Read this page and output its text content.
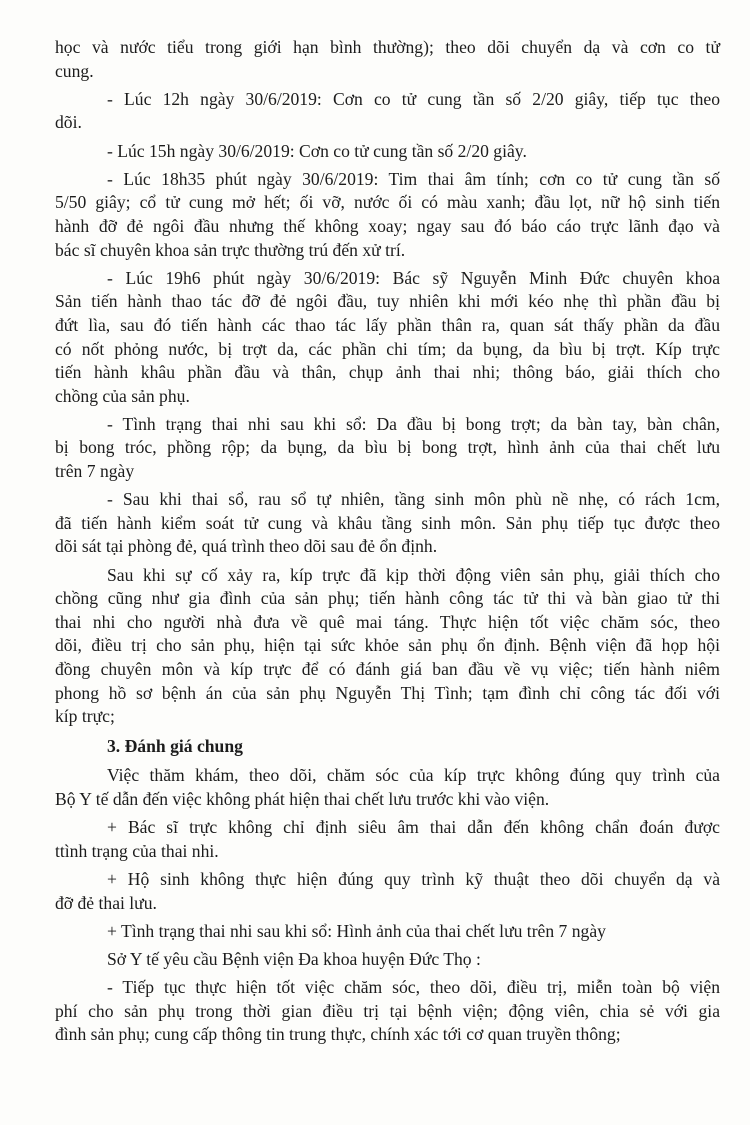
học và nước tiểu trong giới hạn bình thường); theo dõi chuyển dạ và cơn co tử
cung.
- Lúc 12h ngày 30/6/2019: Cơn co tử cung tần số 2/20 giây, tiếp tục theo
dõi.
- Lúc 15h ngày 30/6/2019: Cơn co tử cung tần số 2/20 giây.
- Lúc 18h35 phút ngày 30/6/2019: Tim thai âm tính; cơn co tử cung tần số
5/50 giây; cổ tử cung mở hết; ối vỡ, nước ối có màu xanh; đầu lọt, nữ hộ sinh tiến
hành đỡ đẻ ngôi đầu nhưng thế không xoay; ngay sau đó báo cáo trực lãnh đạo và
bác sĩ chuyên khoa sản trực thường trú đến xử trí.
- Lúc 19h6 phút ngày 30/6/2019: Bác sỹ Nguyễn Minh Đức chuyên khoa
Sản tiến hành thao tác đỡ đẻ ngôi đầu, tuy nhiên khi mới kéo nhẹ thì phần đầu bị
đứt lìa, sau đó tiến hành các thao tác lấy phần thân ra, quan sát thấy phần da đầu
có nốt phỏng nước, bị trợt da, các phần chi tím; da bụng, da bìu bị trợt. Kíp trực
tiến hành khâu phần đầu và thân, chụp ảnh thai nhi; thông báo, giải thích cho
chồng của sản phụ.
- Tình trạng thai nhi sau khi sổ: Da đầu bị bong trợt; da bàn tay, bàn chân,
bị bong tróc, phồng rộp; da bụng, da bìu bị bong trợt, hình ảnh của thai chết lưu
trên 7 ngày
- Sau khi thai sổ, rau sổ tự nhiên, tầng sinh môn phù nề nhẹ, có rách 1cm,
đã tiến hành kiểm soát tử cung và khâu tầng sinh môn. Sản phụ tiếp tục được theo
dõi sát tại phòng đẻ, quá trình theo dõi sau đẻ ổn định.
Sau khi sự cố xảy ra, kíp trực đã kịp thời động viên sản phụ, giải thích cho
chồng cũng như gia đình của sản phụ; tiến hành công tác tử thi và bàn giao tử thi
thai nhi cho người nhà đưa về quê mai táng. Thực hiện tốt việc chăm sóc, theo
dõi, điều trị cho sản phụ, hiện tại sức khỏe sản phụ ổn định. Bệnh viện đã họp hội
đồng chuyên môn và kíp trực để có đánh giá ban đầu về vụ việc; tiến hành niêm
phong hồ sơ bệnh án của sản phụ Nguyễn Thị Tình; tạm đình chỉ công tác đối với
kíp trực;
3. Đánh giá chung
Việc thăm khám, theo dõi, chăm sóc của kíp trực không đúng quy trình của
Bộ Y tế dẫn đến việc không phát hiện thai chết lưu trước khi vào viện.
+ Bác sĩ trực không chỉ định siêu âm thai dẫn đến không chẩn đoán được
ttình trạng của thai nhi.
+ Hộ sinh không thực hiện đúng quy trình kỹ thuật theo dõi chuyển dạ và
đỡ đẻ thai lưu.
+ Tình trạng thai nhi sau khi sổ: Hình ảnh của thai chết lưu trên 7 ngày
Sở Y tế yêu cầu Bệnh viện Đa khoa huyện Đức Thọ :
- Tiếp tục thực hiện tốt việc chăm sóc, theo dõi, điều trị, miễn toàn bộ viện
phí cho sản phụ trong thời gian điều trị tại bệnh viện; động viên, chia sẻ với gia
đình sản phụ; cung cấp thông tin trung thực, chính xác tới cơ quan truyền thông;
